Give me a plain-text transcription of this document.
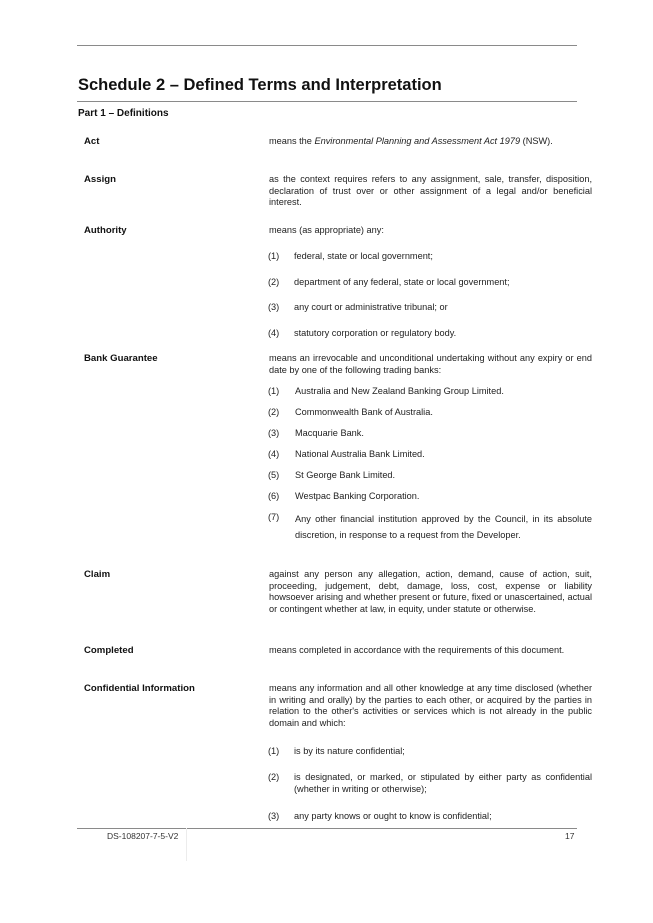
Schedule 2 – Defined Terms and Interpretation
Part 1 – Definitions
Act	means the Environmental Planning and Assessment Act 1979 (NSW).
Assign	as the context requires refers to any assignment, sale, transfer, disposition, declaration of trust over or other assignment of a legal and/or beneficial interest.
Authority	means (as appropriate) any:
(1) federal, state or local government;
(2) department of any federal, state or local government;
(3) any court or administrative tribunal; or
(4) statutory corporation or regulatory body.
Bank Guarantee	means an irrevocable and unconditional undertaking without any expiry or end date by one of the following trading banks:
(1) Australia and New Zealand Banking Group Limited.
(2) Commonwealth Bank of Australia.
(3) Macquarie Bank.
(4) National Australia Bank Limited.
(5) St George Bank Limited.
(6) Westpac Banking Corporation.
(7) Any other financial institution approved by the Council, in its absolute discretion, in response to a request from the Developer.
Claim	against any person any allegation, action, demand, cause of action, suit, proceeding, judgement, debt, damage, loss, cost, expense or liability howsoever arising and whether present or future, fixed or unascertained, actual or contingent whether at law, in equity, under statute or otherwise.
Completed	means completed in accordance with the requirements of this document.
Confidential Information	means any information and all other knowledge at any time disclosed (whether in writing and orally) by the parties to each other, or acquired by the parties in relation to the other's activities or services which is not already in the public domain and which:
(1) is by its nature confidential;
(2) is designated, or marked, or stipulated by either party as confidential (whether in writing or otherwise);
(3) any party knows or ought to know is confidential;
DS-108207-7-5-V2	17
